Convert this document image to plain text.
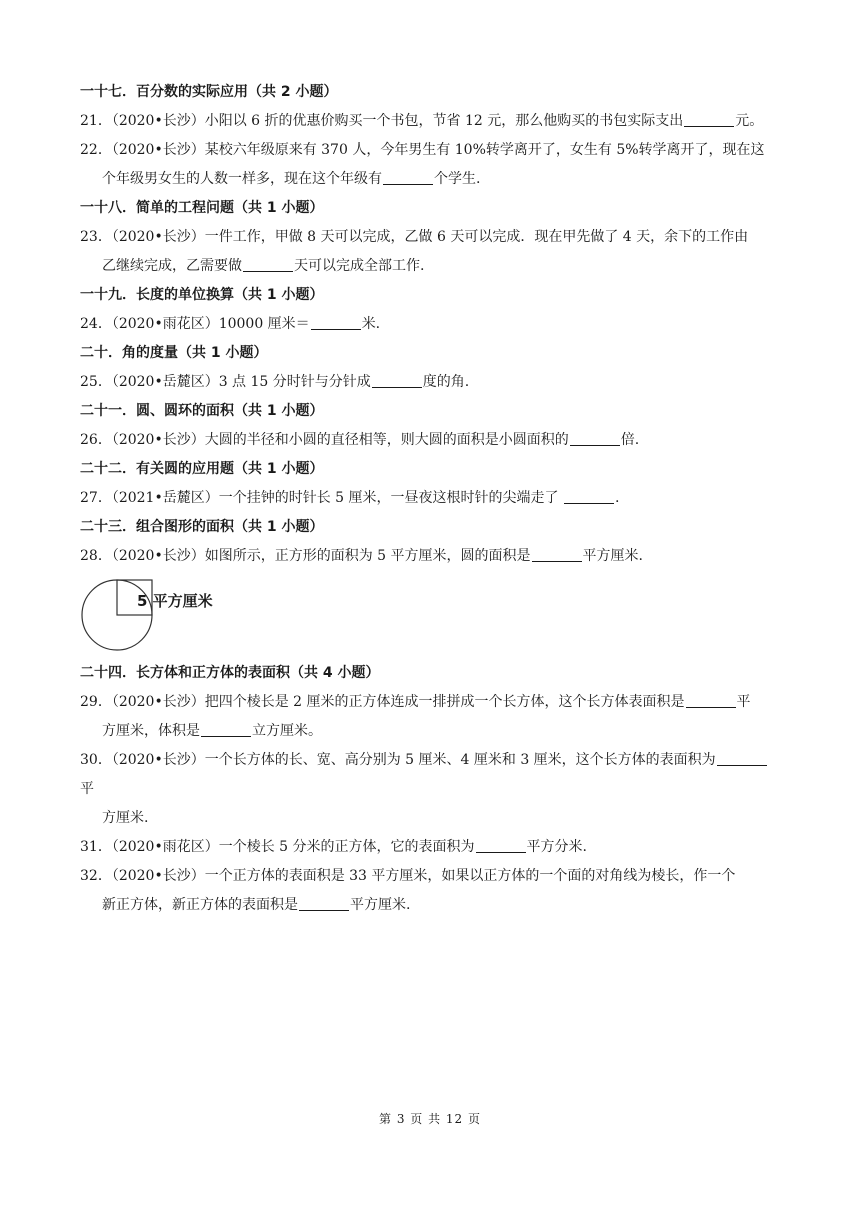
一十七．百分数的实际应用（共 2 小题）

21．（2020•长沙）小阳以 6 折的优惠价购买一个书包，节省 12 元，那么他购买的书包实际支出	元。

22．（2020•长沙）某校六年级原来有 370 人，今年男生有 10%转学离开了，女生有 5%转学离开了，现在这
个年级男女生的人数一样多，现在这个年级有	个学生.

一十八．简单的工程问题（共 1 小题）

23．（2020•长沙）一件工作，甲做 8 天可以完成，乙做 6 天可以完成．现在甲先做了 4 天，余下的工作由
乙继续完成，乙需要做	天可以完成全部工作.

一十九．长度的单位换算（共 1 小题）

24．（2020•雨花区）10000 厘米＝	米.

二十．角的度量（共 1 小题）

25．（2020•岳麓区）3 点 15 分时针与分针成	度的角.

二十一．圆、圆环的面积（共 1 小题）

26．（2020•长沙）大圆的半径和小圆的直径相等，则大圆的面积是小圆面积的	倍.

二十二．有关圆的应用题（共 1 小题）

27．（2021•岳麓区）一个挂钟的时针长 5 厘米，一昼夜这根时针的尖端走了	.

二十三．组合图形的面积（共 1 小题）

28．（2020•长沙）如图所示，正方形的面积为 5 平方厘米，圆的面积是	平方厘米.

5 平方厘米
二十四．长方体和正方体的表面积（共 4 小题）

29．（2020•长沙）把四个棱长是 2 厘米的正方体连成一排拼成一个长方体，这个长方体表面积是	平
方厘米，体积是	立方厘米。

30．（2020•长沙）一个长方体的长、宽、高分别为 5 厘米、4 厘米和 3 厘米，这个长方体的表面积为平
方厘米.

31．（2020•雨花区）一个棱长 5 分米的正方体，它的表面积为	平方分米.

32．（2020•长沙）一个正方体的表面积是 33 平方厘米，如果以正方体的一个面的对角线为棱长，作一个
新正方体，新正方体的表面积是	平方厘米.

第 3 页 共 12 页
